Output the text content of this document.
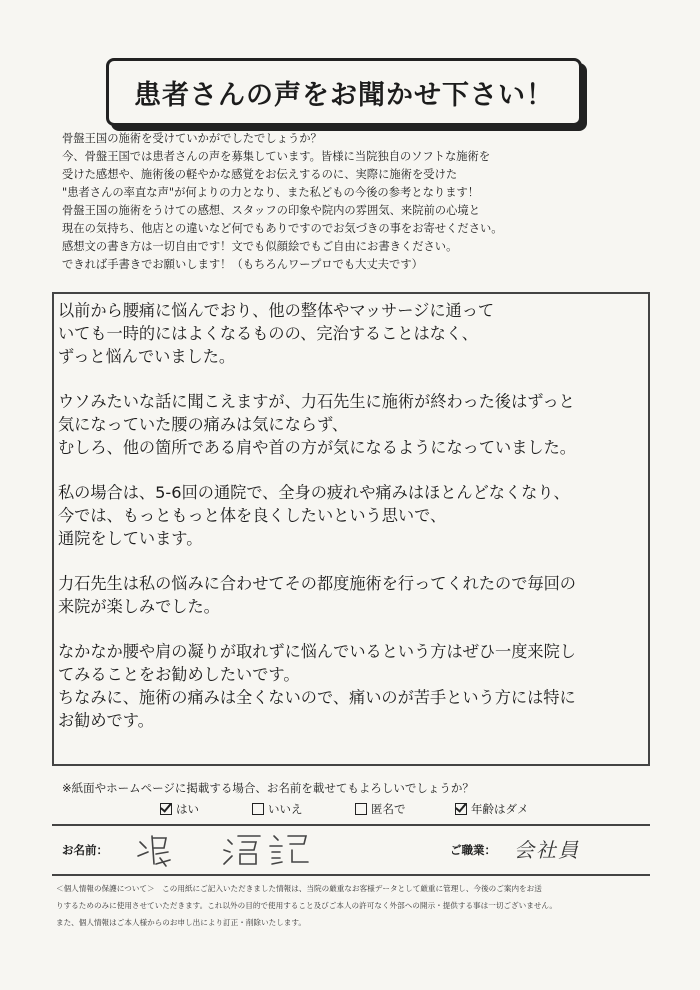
患者さんの声をお聞かせ下さい！
骨盤王国の施術を受けていかがでしたでしょうか？
今、骨盤王国では患者さんの声を募集しています。皆様に当院独自のソフトな施術を
受けた感想や、施術後の軽やかな感覚をお伝えするのに、実際に施術を受けた
"患者さんの率直な声"が何よりの力となり、また私どもの今後の参考となります！
骨盤王国の施術をうけての感想、スタッフの印象や院内の雰囲気、来院前の心境と
現在の気持ち、他店との違いなど何でもありですのでお気づきの事をお寄せください。
感想文の書き方は一切自由です！文でも似顔絵でもご自由にお書きください。
できれば手書きでお願いします！（もちろんワープロでも大丈夫です）
以前から腰痛に悩んでおり、他の整体やマッサージに通って
いても一時的にはよくなるものの、完治することはなく、
ずっと悩んでいました。
ウソみたいな話に聞こえますが、力石先生に施術が終わった後はずっと
気になっていた腰の痛みは気にならず、
むしろ、他の箇所である肩や首の方が気になるようになっていました。
私の場合は、5-6回の通院で、全身の疲れや痛みはほとんどなくなり、
今では、もっともっと体を良くしたいという思いで、
通院をしています。
力石先生は私の悩みに合わせてその都度施術を行ってくれたので毎回の
来院が楽しみでした。
なかなか腰や肩の凝りが取れずに悩んでいるという方はぜひ一度来院し
てみることをお勧めしたいです。
ちなみに、施術の痛みは全くないので、痛いのが苦手という方には特に
お勧めです。
※紙面やホームページに掲載する場合、お名前を載せてもよろしいでしょうか？
はい	いいえ	匿名で	年齢はダメ
お名前：	ご職業： 会社員
＜個人情報の保護について＞　この用紙にご記入いただきました情報は、当院の厳重なお客様データとして厳重に管理し、今後のご案内をお送
りするためのみに使用させていただきます。これ以外の目的で使用すること及びご本人の許可なく外部への開示・提供する事は一切ございません。
また、個人情報はご本人様からのお申し出により訂正・削除いたします。
